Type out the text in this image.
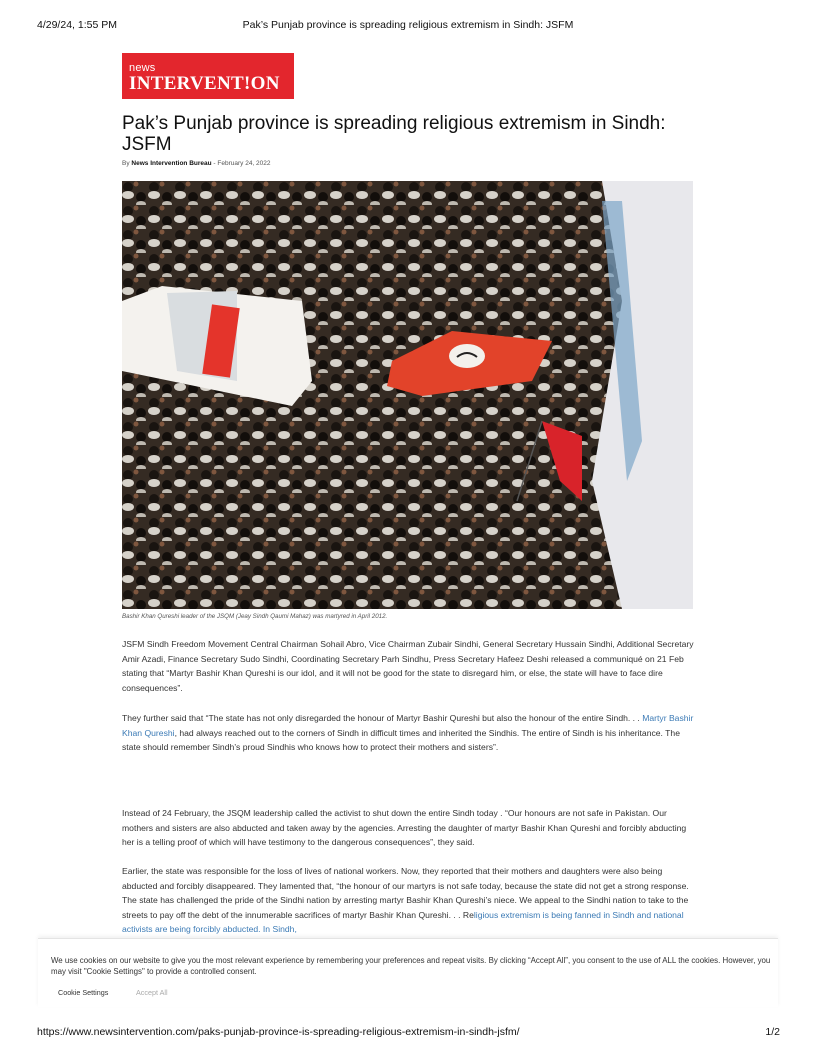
4/29/24, 1:55 PM	Pak’s Punjab province is spreading religious extremism in Sindh: JSFM
news
INTERVENT!ON
Pak’s Punjab province is spreading religious extremism in Sindh: JSFM
By News Intervention Bureau - February 24, 2022
Bashir Khan Qureshi leader of the JSQM (Jeay Sindh Qaumi Mahaz) was martyred in April 2012.

JSFM Sindh Freedom Movement Central Chairman Sohail Abro, Vice Chairman Zubair Sindhi, General Secretary Hussain Sindhi, Additional Secretary Amir Azadi, Finance Secretary Sudo Sindhi, Coordinating Secretary Parh Sindhu, Press Secretary Hafeez Deshi released a communiqué on 21 Feb stating that “Martyr Bashir Khan Qureshi is our idol, and it will not be good for the state to disregard him, or else, the state will have to face dire consequences”.

They further said that “The state has not only disregarded the honour of Martyr Bashir Qureshi but also the honour of the entire Sindh. . . Martyr Bashir Khan Qureshi, had always reached out to the corners of Sindh in difficult times and inherited the Sindhis. The entire of Sindh is his inheritance. The state should remember Sindh’s proud Sindhis who knows how to protect their mothers and sisters”.

Instead of 24 February, the JSQM leadership called the activist to shut down the entire Sindh today . “Our honours are not safe in Pakistan. Our mothers and sisters are also abducted and taken away by the agencies. Arresting the daughter of martyr Bashir Khan Qureshi and forcibly abducting her is a telling proof of which will have testimony to the dangerous consequences”, they said.

Earlier, the state was responsible for the loss of lives of national workers. Now, they reported that their mothers and daughters were also being abducted and forcibly disappeared. They lamented that, “the honour of our martyrs is not safe today, because the state did not get a strong response. The state has challenged the pride of the Sindhi nation by arresting martyr Bashir Khan Qureshi’s niece. We appeal to the Sindhi nation to take to the streets to pay off the debt of the innumerable sacrifices of martyr Bashir Khan Qureshi. . . Religious extremism is being fanned in Sindh and national activists are being forcibly abducted. In Sindh,

We use cookies on our website to give you the most relevant experience by remembering your preferences and repeat visits. By clicking “Accept All”, you consent to the use of ALL the cookies. However, you may visit "Cookie Settings" to provide a controlled consent.

Cookie Settings	Accept All
https://www.newsintervention.com/paks-punjab-province-is-spreading-religious-extremism-in-sindh-jsfm/	1/2
